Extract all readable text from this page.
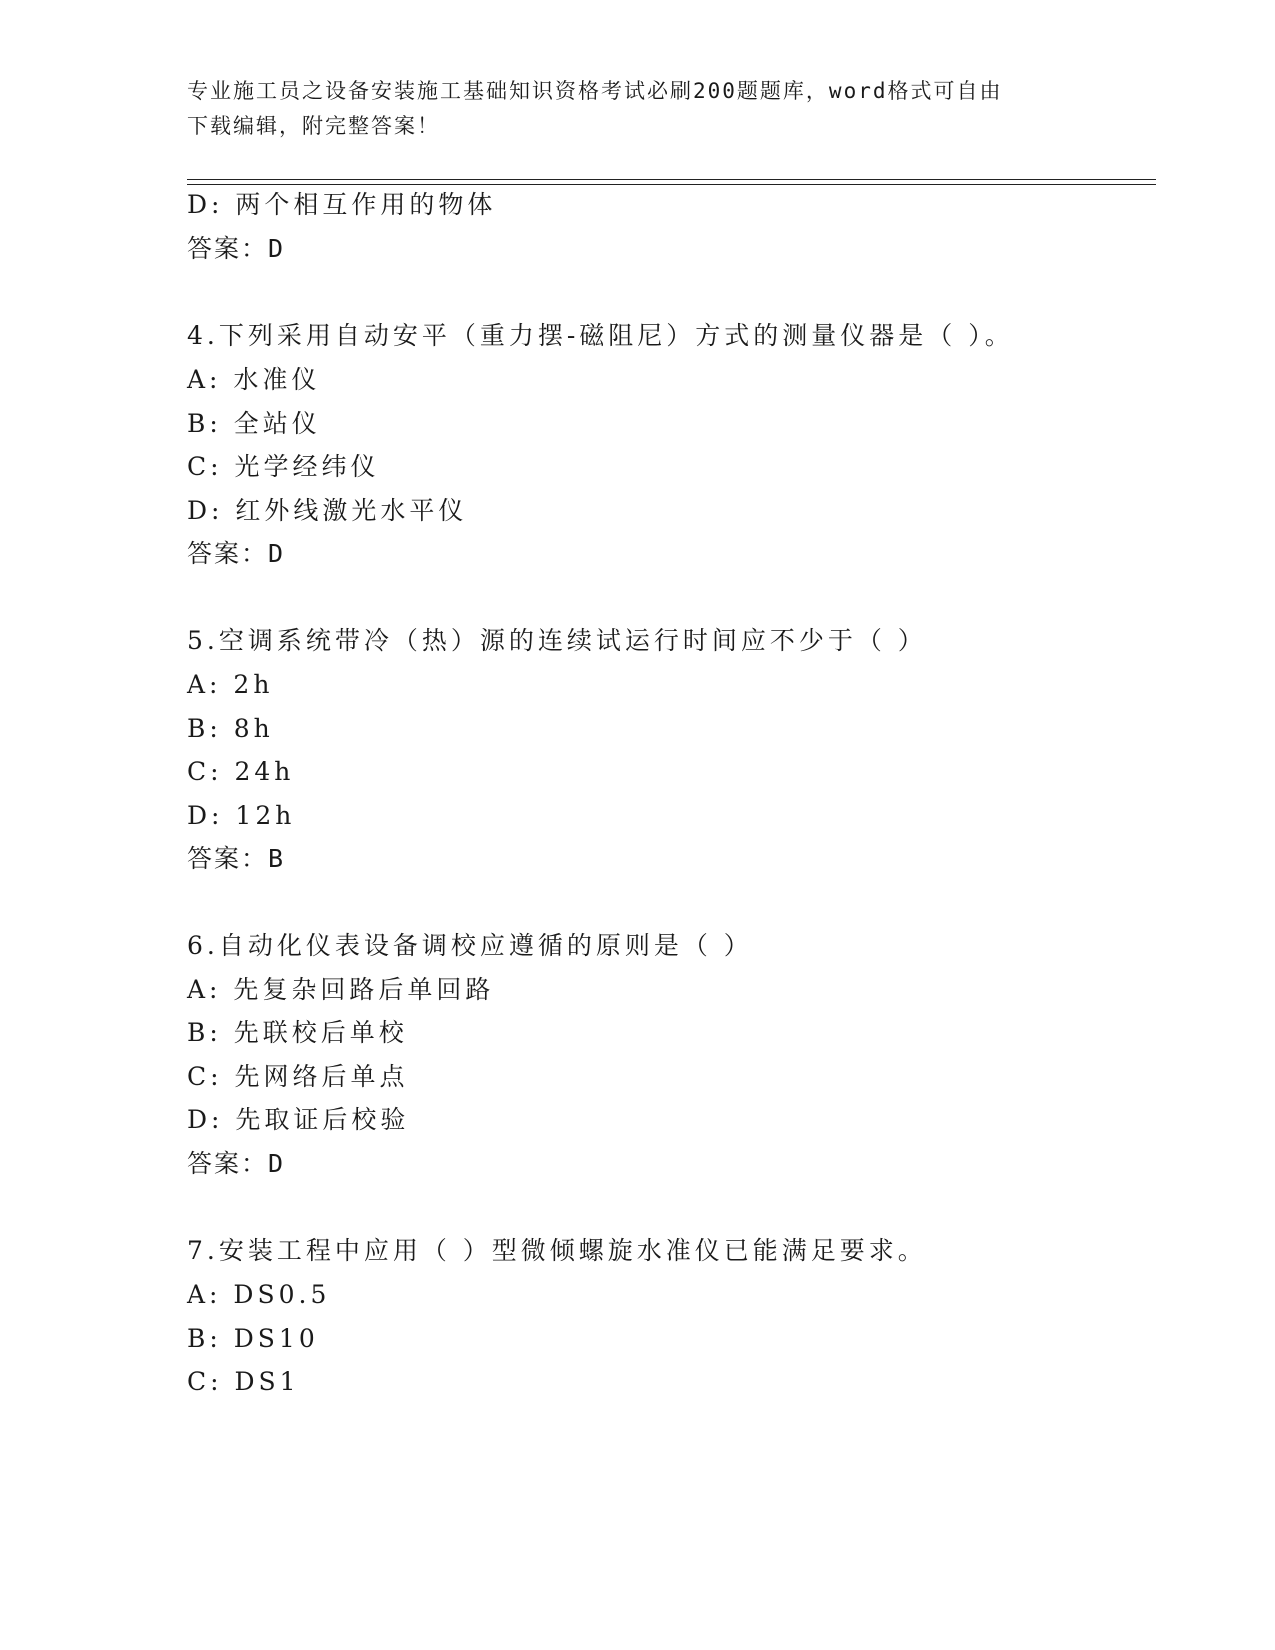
专业施工员之设备安装施工基础知识资格考试必刷200题题库，word格式可自由
下载编辑，附完整答案！
D: 两个相互作用的物体
答案：D
4.下列采用自动安平（重力摆-磁阻尼）方式的测量仪器是（ ）。
A: 水准仪
B: 全站仪
C: 光学经纬仪
D: 红外线激光水平仪
答案：D
5.空调系统带冷（热）源的连续试运行时间应不少于（ ）
A: 2h
B: 8h
C: 24h
D: 12h
答案：B
6.自动化仪表设备调校应遵循的原则是（ ）
A: 先复杂回路后单回路
B: 先联校后单校
C: 先网络后单点
D: 先取证后校验
答案：D
7.安装工程中应用（ ）型微倾螺旋水准仪已能满足要求。
A: DS0.5
B: DS10
C: DS1
